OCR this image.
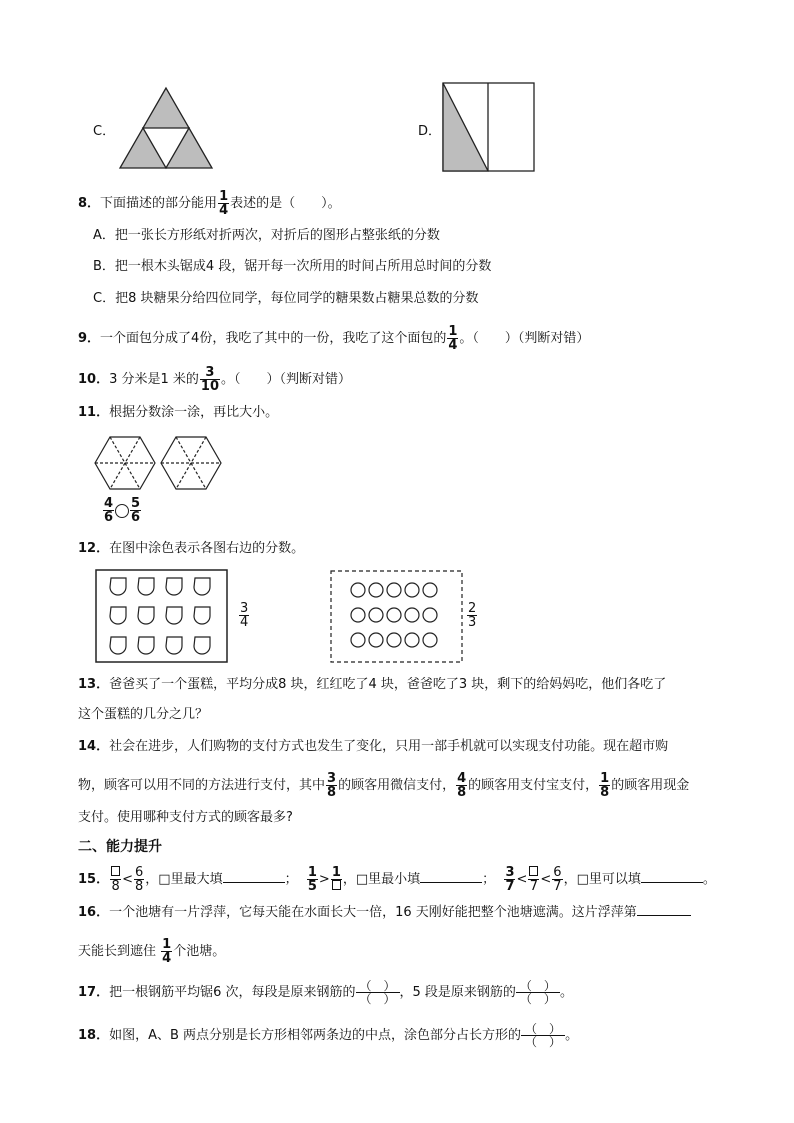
C．	D．
8．下面描述的部分能用 $\frac{1}{4}$ 表述的是（　　）。
A．把一张长方形纸对折两次，对折后的图形占整张纸的分数
B．把一根木头锯成4 段，锯开每一次所用的时间占所用总时间的分数
C．把8 块糖果分给四位同学，每位同学的糖果数占糖果总数的分数
9．一个面包分成了4份，我吃了其中的一份，我吃了这个面包的 $\frac{1}{4}$ 。（　　）（判断对错）
10．3 分米是1 米的 $\frac{3}{10}$ 。（　　）（判断对错）
11．根据分数涂一涂，再比大小。
$\frac{4}{6} \frac{5}{6}$
12．在图中涂色表示各图右边的分数。
$\frac{3}{4}$	$\frac{2}{3}$
13．爸爸买了一个蛋糕，平均分成8 块，红红吃了4 块，爸爸吃了3 块，剩下的给妈妈吃，他们各吃了
这个蛋糕的几分之几？
14．社会在进步，人们购物的支付方式也发生了变化，只用一部手机就可以实现支付功能。现在超市购
物，顾客可以用不同的方法进行支付，其中 $\frac{3}{8}$ 的顾客用微信支付， $\frac{4}{8}$ 的顾客用支付宝支付， $\frac{1}{8}$ 的顾客用现金
支付。使用哪种支付方式的顾客最多?
二、能力提升
15． $8 < \frac{6}{8}$ ，□里最大填	； $\frac{1}{5} > 1$ ，□里最小填	； $\frac{3}{7} < 7 < \frac{6}{7}$ ，□里可以填	。
16．一个池塘有一片浮萍，它每天能在水面长大一倍，16 天刚好能把整个池塘遮满。这片浮萍第
天能长到遮住 $\frac{1}{4}$ 个池塘。
17．把一根钢筋平均锯6 次，每段是原来钢筋的 $\frac{( )}{( )}$ ，5 段是原来钢筋的 $\frac{( )}{( )}$ 。
18．如图，A、B 两点分别是长方形相邻两条边的中点，涂色部分占长方形的 $\frac{( )}{( )}$ 。
